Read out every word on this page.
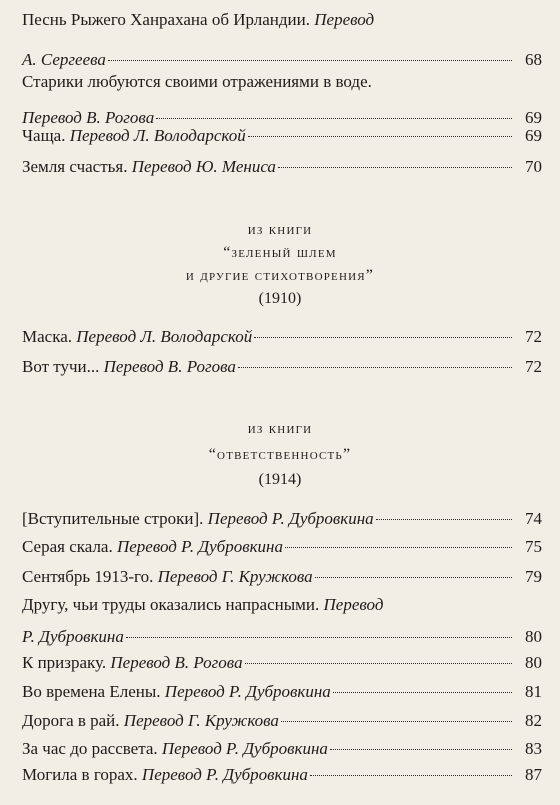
Песнь Рыжего Ханрахана об Ирландии. Перевод
А. Сергеева	68
Старики любуются своими отражениями в воде.
Перевод В. Рогова	69
Чаща. Перевод Л. Володарской	69
Земля счастья. Перевод Ю. Мениса	70
из книги
“зеленый шлем
и другие стихотворения”
(1910)
Маска. Перевод Л. Володарской	72
Вот тучи... Перевод В. Рогова	72
из книги
“ответственность”
(1914)
[Вступительные строки]. Перевод Р. Дубровкина	74
Серая скала. Перевод Р. Дубровкина	75
Сентябрь 1913-го. Перевод Г. Кружкова	79
Другу, чьи труды оказались напрасными. Перевод
Р. Дубровкина	80
К призраку. Перевод В. Рогова	80
Во времена Елены. Перевод Р. Дубровкина	81
Дорога в рай. Перевод Г. Кружкова	82
За час до рассвета. Перевод Р. Дубровкина	83
Могила в горах. Перевод Р. Дубровкина	87
